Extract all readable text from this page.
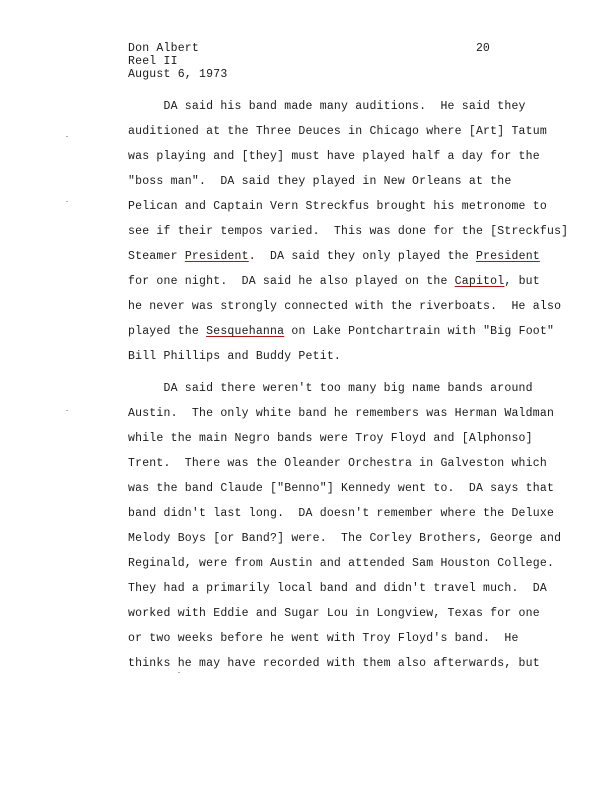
Don Albert
Reel II
August 6, 1973
20
DA said his band made many auditions.  He said they
auditioned at the Three Deuces in Chicago where [Art] Tatum
was playing and [they] must have played half a day for the
"boss man".  DA said they played in New Orleans at the
Pelican and Captain Vern Streckfus brought his metronome to
see if their tempos varied.  This was done for the [Streckfus]
Steamer President.  DA said they only played the President
for one night.  DA said he also played on the Capitol, but
he never was strongly connected with the riverboats.  He also
played the Sesquehanna on Lake Pontchartrain with "Big Foot"
Bill Phillips and Buddy Petit.
DA said there weren't too many big name bands around
Austin.  The only white band he remembers was Herman Waldman
while the main Negro bands were Troy Floyd and [Alphonso]
Trent.  There was the Oleander Orchestra in Galveston which
was the band Claude ["Benno"] Kennedy went to.  DA says that
band didn't last long.  DA doesn't remember where the Deluxe
Melody Boys [or Band?] were.  The Corley Brothers, George and
Reginald, were from Austin and attended Sam Houston College.
They had a primarily local band and didn't travel much.  DA
worked with Eddie and Sugar Lou in Longview, Texas for one
or two weeks before he went with Troy Floyd's band.  He
thinks he may have recorded with them also afterwards, but
